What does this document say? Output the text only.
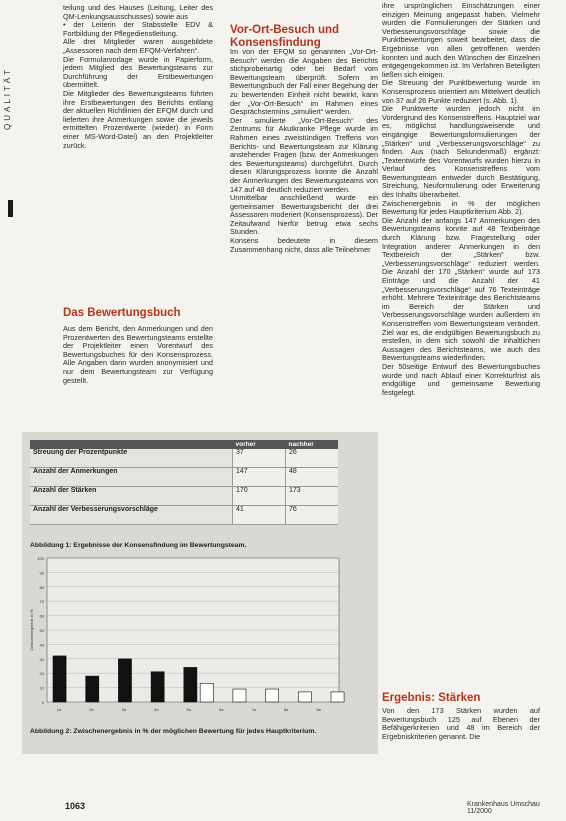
QUALITÄT

teilung und des Hauses (Leitung, Leiter des QM-Lenkungsausschusses) sowie aus

• der Leiterin der Stabsstelle EDV & Fortbildung der Pflegedienstleitung.

Alle drei Mitglieder waren ausgebildete „Assessoren nach dem EFQM-Verfahren“.

Die Formularvorlage wurde in Papierform, jedem Mitglied des Bewertungsteams zur Durchführung der Erstbewertungen übermittelt.

Die Mitglieder des Bewertungsteams führten ihre Erstbewertungen des Berichts entlang der aktuellen Richtlinien der EFQM durch und lieferten ihre Anmerkungen sowie die jeweils ermittelten Prozentwerte (wieder) in Form einer MS-Word-Datei) an den Projektleiter zurück.

Das Bewertungsbuch

Aus dem Bericht, den Anmerkungen und den Prozentwerten des Bewertungsteams erstellte der Projektleiter einen Vorentwurf des Bewertungsbuches für den Konsensprozess. Alle Angaben darin wurden anonymisiert und nur dem Bewertungsteam zur Verfügung gestellt.

Vor-Ort-Besuch und Konsensfindung

Im von der EFQM so genannten „Vor-Ort-Besuch“ werden die Angaben des Berichts stichprobenartig oder bei Bedarf vom Bewertungsteam überprüft. Sofern im Bewertungsbuch der Fall einer Begehung der zu bewertenden Einheit nicht bewirkt, kann der „Vor-Ort-Besuch“ im Rahmen eines Gesprächstermins „simuliert“ werden.

Der simulierte „Vor-Ort-Besuch“ des Zentrums für Akutkranke Pflege wurde im Rahmen eines zweistündigen Treffens von Berichts- und Bewertungsteam zur Klärung anstehender Fragen (bzw. der Anmerkungen des Bewertungsteams) durchgeführt. Durch diesen Klärungsprozess konnte die Anzahl der Anmerkungen des Bewertungsteams von 147 auf 48 deutlich reduziert werden.

Unmittelbar anschließend wurde ein gemeinsamer Bewertungsbericht der drei Assessoren moderiert (Konsensprozess). Der Zeitaufwand hierfür betrug etwa sechs Stunden.

Konsens bedeutete in diesem Zusammenhang nicht, dass alle Teilnehmer

ihre ursprünglichen Einschätzungen einer einzigen Meinung angepasst haben. Vielmehr wurden die Formulierungen der Stärken und Verbesserungsvorschläge sowie die Punktbewertungen soweit bearbeitet, dass die Ergebnisse von allen getroffenen werden konnten und auch den Wünschen der Einzelnen entgegengekommen ist. Im Verfahren Beteiligten ließen sich einigen.

Die Streuung der Punktbewertung wurde im Konsensprozess orientiert am Mittelwert deutlich von 37 auf 26 Punkte reduziert (s. Abb. 1).

Die Punktwerte wurden jedoch nicht im Vordergrund des Konsenstreffens. Hauptziel war es, möglichst handlungsweisende und eingängige Bewertungsformulierungen der „Stärken“ und „Verbesserungsvorschläge“ zu finden. Aus (nach Sekundenmaß) ergänzt: „Textentwürfe des Vorentwurfs wurden hierzu in Verlauf des Konsenstreffens vom Bewertungsteam entweder durch Bestätigung, Streichung, Neuformulierung oder Erweiterung des Inhalts überarbeitet.

Zwischenergebnis in % der möglichen Bewertung für jedes Hauptkriterium Abb. 2).

Die Anzahl der anfangs 147 Anmerkungen des Bewertungsteams konnte auf 48 Textbeiträge durch Klärung bzw. Fragestellung oder Integration anderer Anmerkungen in den Textbereich der „Stärken“ bzw. „Verbesserungsvorschläge“ reduziert werden. Die Anzahl der 170 „Stärken“ wurde auf 173 Einträge und die Anzahl der 41 „Verbesserungsvorschläge“ auf 76 Texteinträge erhöht. Mehrere Texteinträge des Berichtsteams im Bereich der Stärken und Verbesserungsvorschläge wurden außerdem im Konsenstreffen vom Bewertungsteam verändert. Ziel war es, die endgültigen Bewertungsbuch zu erstellen, in dem sich sowohl die inhaltlichen Aussagen des Berichtsteams, wie auch des Bewertungsteams wiederfinden.

Der 50seitige Entwurf des Bewertungsbuches wurde und nach Ablauf einer Korrekturfrist als endgültige und gemeinsame Bewertung festgelegt.

Ergebnis: Stärken

Von den 173 Stärken wurden auf Bewertungsbuch 125 auf Ebenen der Befähigerkriterien und 48 im Bereich der Ergebniskriterien genannt. Die

	vorher	nachher
Streuung der Prozentpunkte	37	26
Anzahl der Anmerkungen	147	48
Anzahl der Stärken	170	173
Anzahl der Verbesserungsvorschläge	41	76
Abbildung 1: Ergebnisse der Konsensfindung im Bewertungsteam.
0
10
20
30
40
50
60
70
80
90
100
Zwischenergebnis in %
1a	2a	3a	4a	5a	6a	7a	8a	9a
Abbildung 2: Zwischenergebnis in % der möglichen Bewertung für jedes Hauptkriterium.
1063	Krankenhaus Umschau 11/2000
